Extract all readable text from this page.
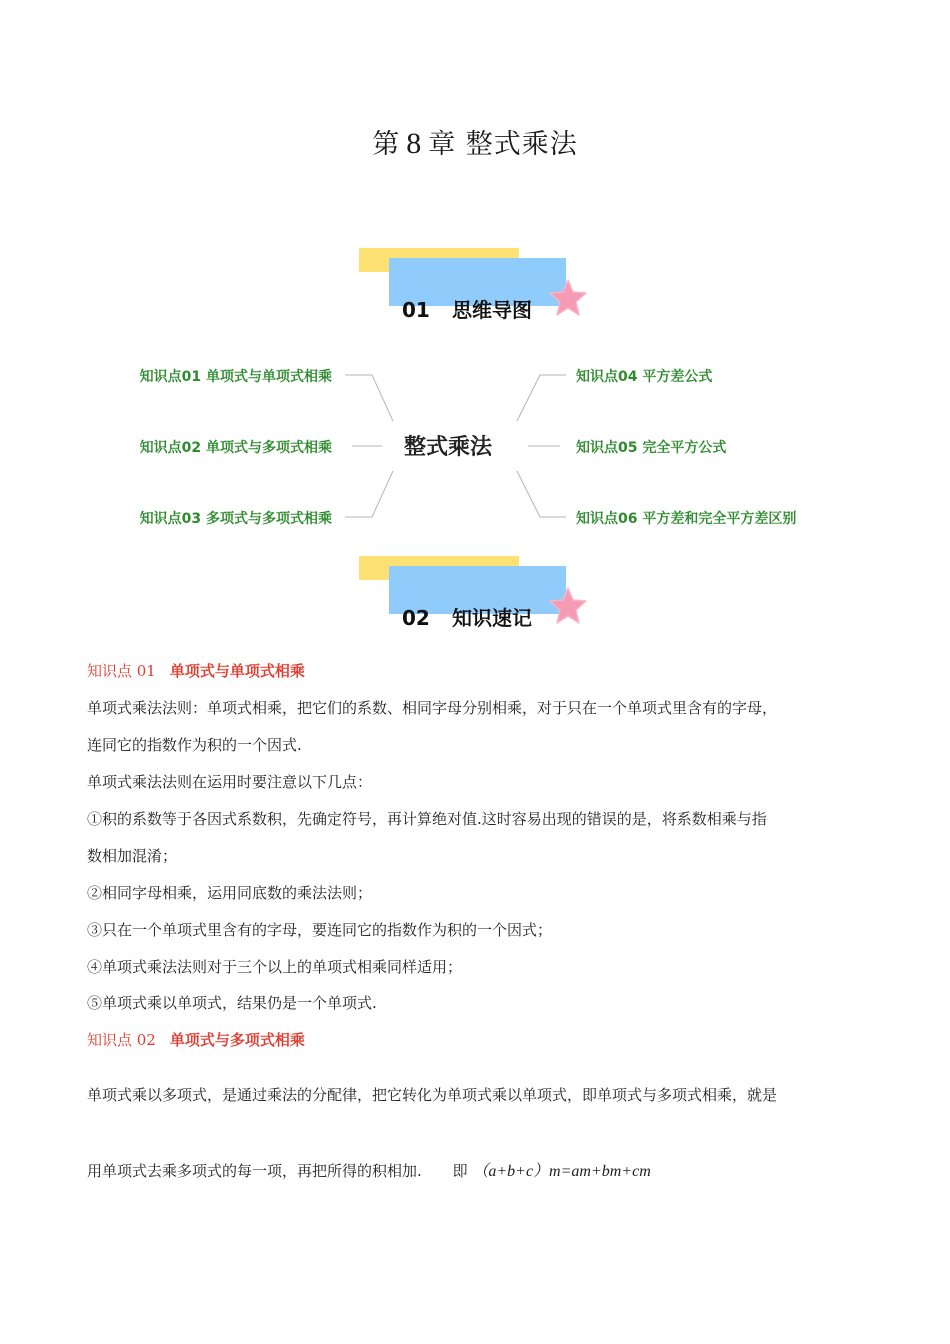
第 8 章 整式乘法
01 思维导图
整式乘法
知识点01 单项式与单项式相乘
知识点02 单项式与多项式相乘
知识点03 多项式与多项式相乘
知识点04 平方差公式
知识点05 完全平方公式
知识点06 平方差和完全平方差区别
02 知识速记
知识点 01 单项式与单项式相乘
单项式乘法法则：单项式相乘，把它们的系数、相同字母分别相乘，对于只在一个单项式里含有的字母，
连同它的指数作为积的一个因式.
单项式乘法法则在运用时要注意以下几点：
①积的系数等于各因式系数积，先确定符号，再计算绝对值.这时容易出现的错误的是，将系数相乘与指
数相加混淆；
②相同字母相乘，运用同底数的乘法法则；
③只在一个单项式里含有的字母，要连同它的指数作为积的一个因式；
④单项式乘法法则对于三个以上的单项式相乘同样适用；
⑤单项式乘以单项式，结果仍是一个单项式.
知识点 02 单项式与多项式相乘
单项式乘以多项式，是通过乘法的分配律，把它转化为单项式乘以单项式，即单项式与多项式相乘，就是
用单项式去乘多项式的每一项，再把所得的积相加. 即 （a+b+c）m=am+bm+cm
